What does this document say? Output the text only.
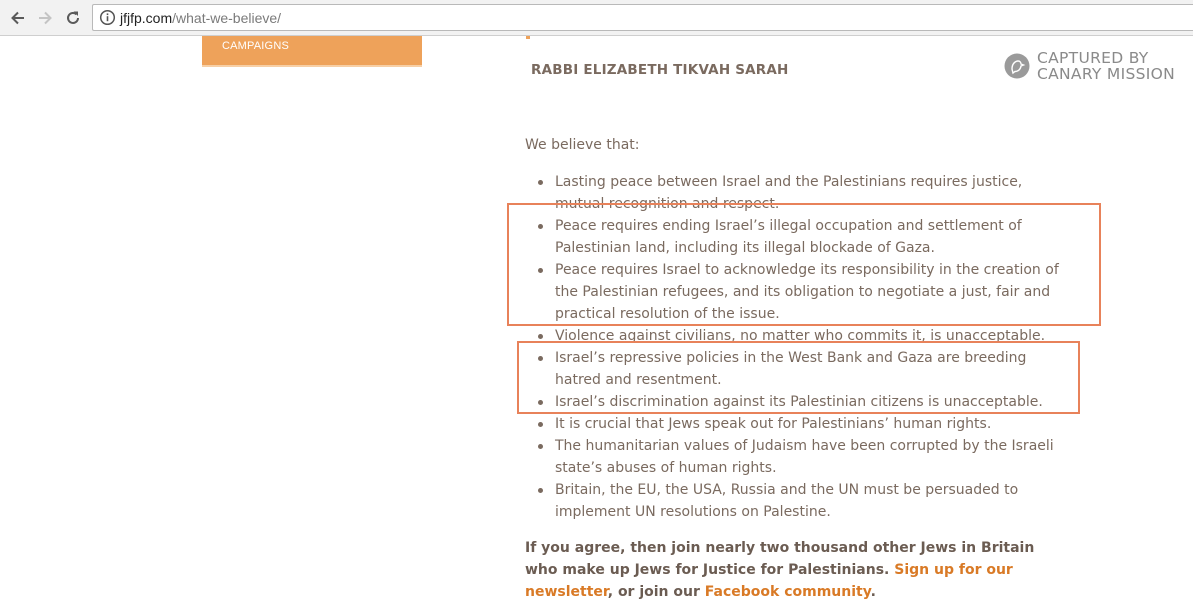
jfjfp.com/what-we-believe/
CAMPAIGNS
RABBI ELIZABETH TIKVAH SARAH
CAPTURED BY
CANARY MISSION
We believe that:
Lasting peace between Israel and the Palestinians requires justice, mutual recognition and respect.
Peace requires ending Israel’s illegal occupation and settlement of Palestinian land, including its illegal blockade of Gaza.
Peace requires Israel to acknowledge its responsibility in the creation of the Palestinian refugees, and its obligation to negotiate a just, fair and practical resolution of the issue.
Violence against civilians, no matter who commits it, is unacceptable.
Israel’s repressive policies in the West Bank and Gaza are breeding hatred and resentment.
Israel’s discrimination against its Palestinian citizens is unacceptable.
It is crucial that Jews speak out for Palestinians’ human rights.
The humanitarian values of Judaism have been corrupted by the Israeli state’s abuses of human rights.
Britain, the EU, the USA, Russia and the UN must be persuaded to implement UN resolutions on Palestine.
If you agree, then join nearly two thousand other Jews in Britain who make up Jews for Justice for Palestinians. Sign up for our newsletter, or join our Facebook community.
